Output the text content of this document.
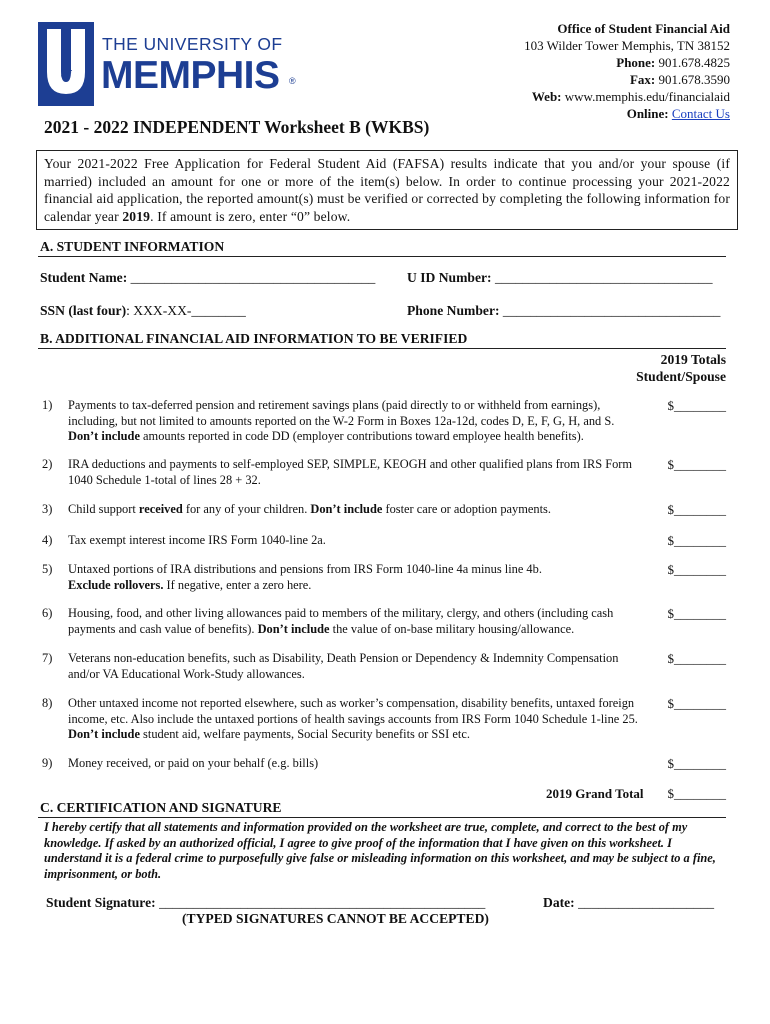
of
THE UNIVERSITY OF
MEMPHIS ®
Office of Student Financial Aid
103 Wilder Tower Memphis, TN 38152
Phone: 901.678.4825
Fax: 901.678.3590
Web: www.memphis.edu/financialaid
Online: Contact Us
2021 - 2022 INDEPENDENT Worksheet B (WKBS)
Your 2021-2022 Free Application for Federal Student Aid (FAFSA) results indicate that you and/or your spouse (if married) included an amount for one or more of the item(s) below. In order to continue processing your 2021-2022 financial aid application, the reported amount(s) must be verified or corrected by completing the following information for calendar year 2019. If amount is zero, enter “0” below.
A. STUDENT INFORMATION
Student Name: ____________________________________ U ID Number: ________________________________
SSN (last four): XXX-XX-________	Phone Number: ________________________________
B. ADDITIONAL FINANCIAL AID INFORMATION TO BE VERIFIED
2019 Totals
Student/Spouse
1) Payments to tax-deferred pension and retirement savings plans (paid directly to or withheld from earnings), including, but not limited to amounts reported on the W-2 Form in Boxes 12a-12d, codes D, E, F, G, H, and S. Don’t include amounts reported in code DD (employer contributions toward employee health benefits).
$________
2) IRA deductions and payments to self-employed SEP, SIMPLE, KEOGH and other qualified plans from IRS Form 1040 Schedule 1-total of lines 28 + 32.
$________
3) Child support received for any of your children. Don’t include foster care or adoption payments.	$________
4) Tax exempt interest income IRS Form 1040-line 2a.	$________
5) Untaxed portions of IRA distributions and pensions from IRS Form 1040-line 4a minus line 4b.
Exclude rollovers. If negative, enter a zero here.
$________
6) Housing, food, and other living allowances paid to members of the military, clergy, and others (including cash payments and cash value of benefits). Don’t include the value of on-base military housing/allowance.
$________
7) Veterans non-education benefits, such as Disability, Death Pension or Dependency & Indemnity Compensation and/or VA Educational Work-Study allowances.
$________
8) Other untaxed income not reported elsewhere, such as worker’s compensation, disability benefits, untaxed foreign income, etc. Also include the untaxed portions of health savings accounts from IRS Form 1040 Schedule 1-line 25. Don’t include student aid, welfare payments, Social Security benefits or SSI etc.
$________
9) Money received, or paid on your behalf (e.g. bills)	$________
2019 Grand Total $________
C. CERTIFICATION AND SIGNATURE
I hereby certify that all statements and information provided on the worksheet are true, complete, and correct to the best of my knowledge. If asked by an authorized official, I agree to give proof of the information that I have given on this worksheet. I understand it is a federal crime to purposefully give false or misleading information on this worksheet, and may be subject to a fine, imprisonment, or both.
Student Signature: ________________________________________________	Date: ____________________
(TYPED SIGNATURES CANNOT BE ACCEPTED)
